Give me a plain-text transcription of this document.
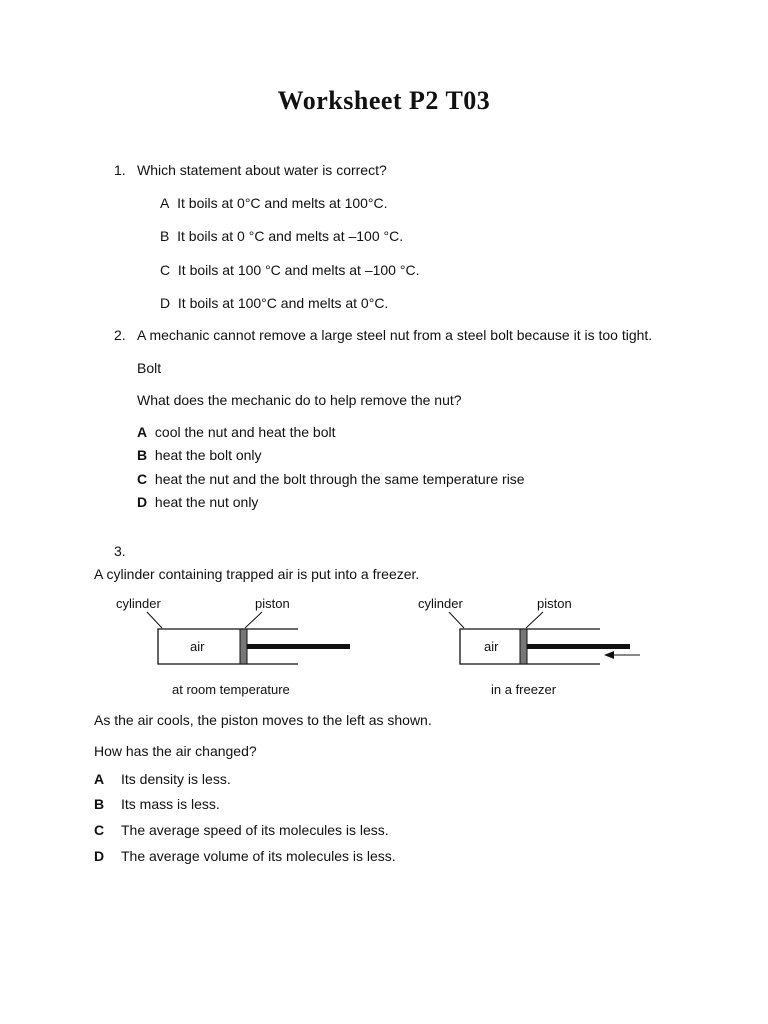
Worksheet P2 T03
1. Which statement about water is correct?
A It boils at 0°C and melts at 100°C.
B It boils at 0 °C and melts at –100 °C.
C It boils at 100 °C and melts at –100 °C.
D It boils at 100°C and melts at 0°C.
2. A mechanic cannot remove a large steel nut from a steel bolt because it is too tight.
Bolt
What does the mechanic do to help remove the nut?
A cool the nut and heat the bolt
B heat the bolt only
C heat the nut and the bolt through the same temperature rise
D heat the nut only
3.
A cylinder containing trapped air is put into a freezer.
cylinder	piston
air
at room temperature
cylinder	piston
air
in a freezer
As the air cools, the piston moves to the left as shown.
How has the air changed?
A Its density is less.
B Its mass is less.
C The average speed of its molecules is less.
D The average volume of its molecules is less.
